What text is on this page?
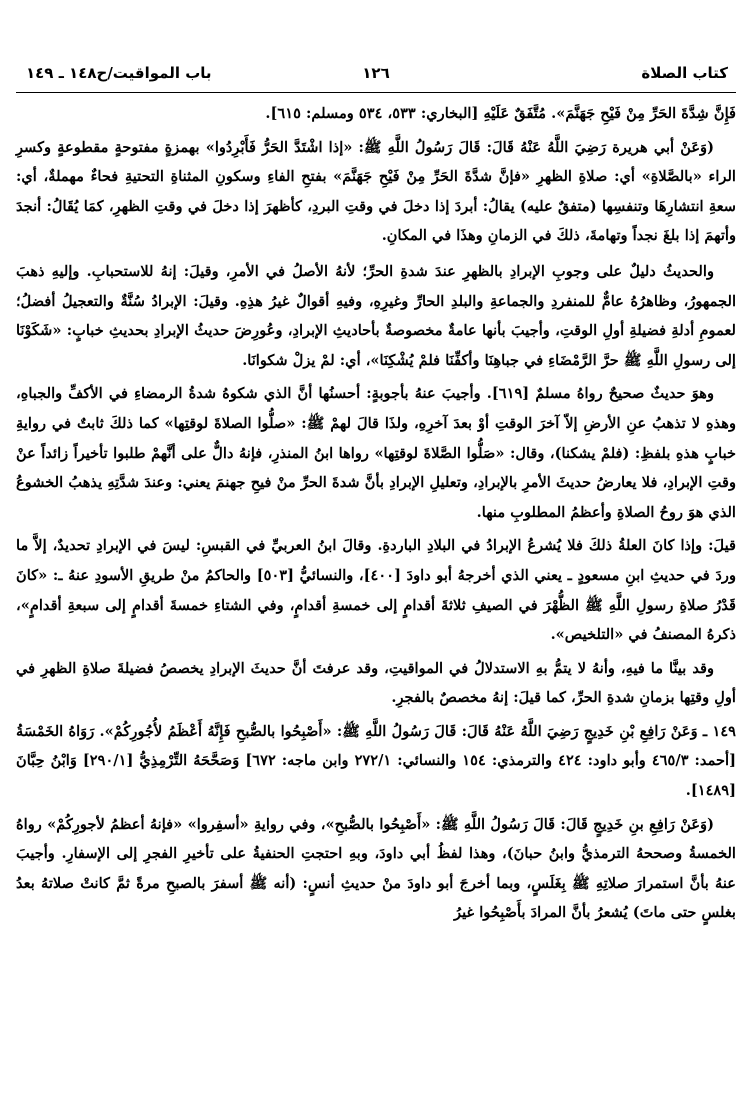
كتاب الصلاة
١٢٦
باب المواقيت/ح١٤٨ ـ ١٤٩

فَإِنَّ شِدَّةَ الحَرِّ مِنْ فَيْحِ جَهَنَّمَ». مُتَّفَقٌ عَلَيْهِ [البخاري: ٥٣٣، ٥٣٤ ومسلم: ٦١٥].

(وَعَنْ أبي هريرة رَضِيَ اللَّهُ عَنْهُ قَالَ: قَالَ رَسُولُ اللَّهِ ﷺ: «إذا اشْتَدَّ الحَرُّ فَأَبْرِدُوا» بهمزةٍ مفتوحةٍ مقطوعةٍ وكسرِ الراء «بالصَّلاةِ» أي: صلاةِ الظهرِ «فإنَّ شدَّةَ الحَرِّ مِنْ فَيْحِ جَهَنَّمَ» بفتحِ الفاءِ وسكونِ المثناةِ التحتيةِ فحاءٌ مهملةٌ، أي: سعةِ انتشارِهَا وتنفسِها (متفقٌ عليه) يقالُ: أبردَ إذا دخلَ في وقتِ البردِ، كأظهرَ إذا دخلَ في وقتِ الظهرِ، كمَا يُقَالُ: أنجدَ وأتهمَ إذا بلغَ نجداً وتهامةَ، ذلكَ في الزمانِ وهذَا في المكانِ.

والحديثُ دليلٌ على وجوبِ الإبرادِ بالظهرِ عندَ شدةِ الحرِّ؛ لأنهُ الأصلُ في الأمرِ، وقيلَ: إنهُ للاستحبابِ. وإليهِ ذهبَ الجمهورُ، وظاهرُهُ عامٌّ للمنفردِ والجماعةِ والبلدِ الحارِّ وغيرِهِ، وفيهِ أقوالٌ غيرُ هذِهِ. وقيلَ: الإبرادُ سُنَّةٌ والتعجيلُ أفضلُ؛ لعمومِ أدلةِ فضيلةِ أولِ الوقتِ، وأجيبَ بأنها عامةٌ مخصوصةٌ بأحاديثِ الإبرادِ، وعُورِضَ حديثُ الإبرادِ بحديثِ خبابٍ: «شَكَوْنَا إلى رسولِ اللَّهِ ﷺ حرَّ الرَّمْضَاءِ في جباهِنَا وأكفِّنَا فلمْ يُشْكِنَا»، أي: لمْ يزلْ شكوانَا.

وهوَ حديثٌ صحيحٌ رواهُ مسلمٌ [٦١٩]. وأجيبَ عنهُ بأجوبةٍ: أحسنُها أنَّ الذي شكوهُ شدةُ الرمضاءِ في الأكفِّ والجباهِ، وهذهِ لا تذهبُ عنِ الأرضِ إلاّ آخرَ الوقتِ أوْ بعدَ آخرِهِ، ولذَا قالَ لهمْ ﷺ: «صلُّوا الصلاةَ لوقتِها» كما ذلكَ ثابتٌ في روايةِ خبابٍ هذهِ بلفظِ: (فلمْ يشكنا)، وقال: «صَلُّوا الصَّلاةَ لوقتِها» رواها ابنُ المنذرِ، فإنهُ دالٌّ على أنَّهمْ طلبوا تأخيراً زائداً عنْ وقتِ الإبرادِ، فلا يعارضُ حديثَ الأمرِ بالإبرادِ، وتعليلِ الإبرادِ بأنَّ شدةَ الحرِّ منْ فيحِ جهنمَ يعني: وعندَ شدَّتِهِ يذهبُ الخشوعُ الذي هوَ روحُ الصلاةِ وأعظمُ المطلوبِ منها.

قيلَ: وإذا كانَ العلةُ ذلكَ فلا يُشرعُ الإبرادُ في البلادِ الباردةِ. وقالَ ابنُ العربيِّ في القبسِ: ليسَ في الإبرادِ تحديدٌ، إلاَّ ما وردَ في حديثِ ابنِ مسعودٍ ـ يعني الذي أخرجهُ أبو داودَ [٤٠٠]، والنسائيُّ [٥٠٣] والحاكمُ منْ طريقِ الأسودِ عنهُ ـ: «كانَ قَدْرُ صلاةِ رسولِ اللَّهِ ﷺ الظُّهْرَ في الصيفِ ثلاثةَ أقدامٍ إلى خمسةِ أقدامٍ، وفي الشتاءِ خمسةَ أقدامٍ إلى سبعةِ أقدامٍ»، ذكرهُ المصنفُ في «التلخيص».

وقد بينَّا ما فيهِ، وأنهُ لا يتمُّ بهِ الاستدلالُ في المواقيتِ، وقد عرفتَ أنَّ حديثَ الإبرادِ يخصصُ فضيلةَ صلاةِ الظهرِ في أولِ وقتِها بزمانِ شدةِ الحرِّ، كما قيلَ: إنهُ مخصصٌ بالفجرِ.

١٤٩ ـ وَعَنْ رَافِعِ بْنِ خَدِيجٍ رَضِيَ اللَّهُ عَنْهُ قَالَ: قَالَ رَسُولُ اللَّهِ ﷺ: «أَصْبِحُوا بالصُّبحِ فَإِنَّهُ أَعْظَمُ لأُجُورِكُمْ». رَوَاهُ الخَمْسَةُ [أحمد: ٤٦٥/٣ وأبو داود: ٤٢٤ والترمذي: ١٥٤ والنسائي: ٢٧٢/١ وابن ماجه: ٦٧٢] وَصَحَّحَهُ التِّرْمِذِيُّ [٢٩٠/١] وَابْنُ حِبَّانَ [١٤٨٩].

(وَعَنْ رَافِعِ بنِ خَدِيجٍ قَالَ: قَالَ رَسُولُ اللَّهِ ﷺ: «أَصْبِحُوا بالصُّبحِ»، وفي روايةِ «أسفِروا» «فإنهُ أعظمُ لأجورِكُمْ» رواهُ الخمسةُ وصححهُ الترمذيُّ وابنُ حبانَ)، وهذا لفظُ أبي داودَ، وبهِ احتجتِ الحنفيةُ على تأخيرِ الفجرِ إلى الإسفارِ. وأجيبَ عنهُ بأنَّ استمرارَ صلاتِهِ ﷺ بِغَلَسٍ، وبما أخرجَ أبو داودَ منْ حديثِ أنسٍ: (أنه ﷺ أسفرَ بالصبحِ مرةً ثمَّ كانتْ صلاتهُ بعدُ بغلسٍ حتى ماتَ) يُشعرُ بأنَّ المرادَ بأَصْبِحُوا غيرُ
